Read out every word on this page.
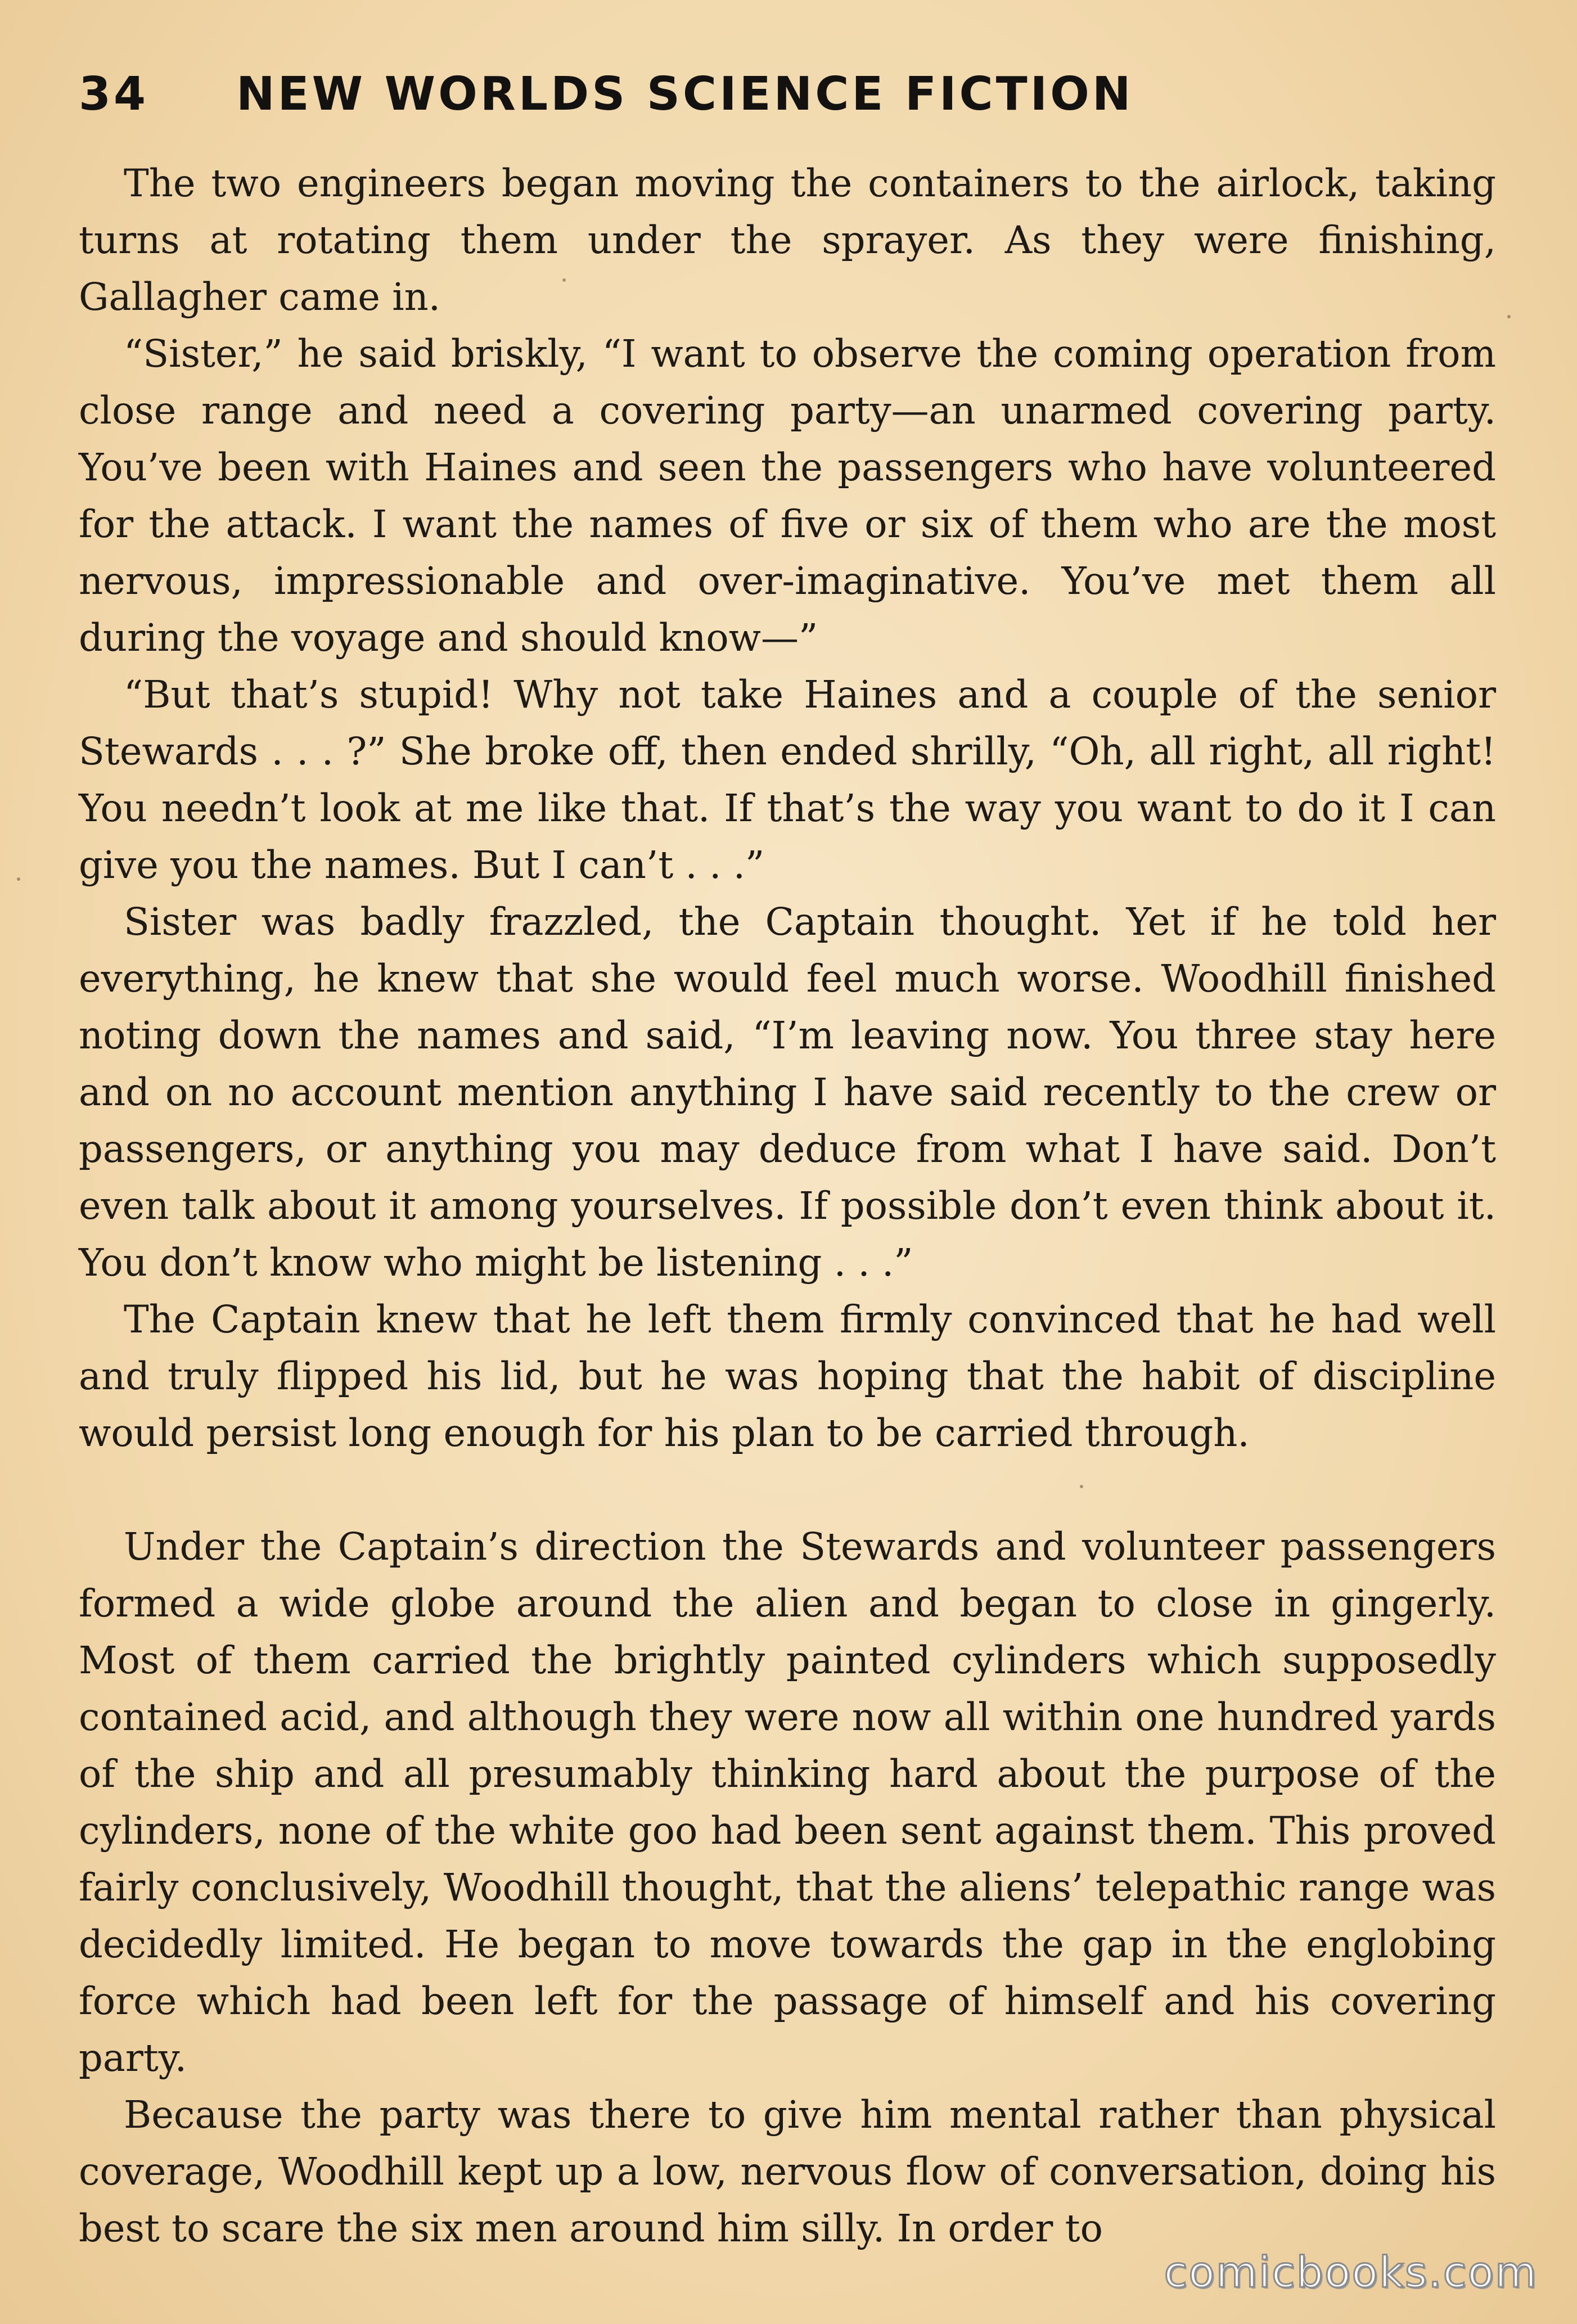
34	NEW WORLDS SCIENCE FICTION

The two engineers began moving the containers to the airlock, taking turns at rotating them under the sprayer. As they were finishing, Gallagher came in.

“Sister,” he said briskly, “I want to observe the coming operation from close range and need a covering party—an unarmed covering party. You’ve been with Haines and seen the passengers who have volunteered for the attack. I want the names of five or six of them who are the most nervous, impressionable and over-imaginative. You’ve met them all during the voyage and should know—”

“But that’s stupid! Why not take Haines and a couple of the senior Stewards . . . ?” She broke off, then ended shrilly, “Oh, all right, all right! You needn’t look at me like that. If that’s the way you want to do it I can give you the names. But I can’t . . .”

Sister was badly frazzled, the Captain thought. Yet if he told her everything, he knew that she would feel much worse. Woodhill finished noting down the names and said, “I’m leaving now. You three stay here and on no account mention anything I have said recently to the crew or passengers, or anything you may deduce from what I have said. Don’t even talk about it among yourselves. If possible don’t even think about it. You don’t know who might be listening . . .”

The Captain knew that he left them firmly convinced that he had well and truly flipped his lid, but he was hoping that the habit of discipline would persist long enough for his plan to be carried through.

Under the Captain’s direction the Stewards and volunteer passengers formed a wide globe around the alien and began to close in gingerly. Most of them carried the brightly painted cylinders which supposedly contained acid, and although they were now all within one hundred yards of the ship and all presumably thinking hard about the purpose of the cylinders, none of the white goo had been sent against them. This proved fairly conclusively, Woodhill thought, that the aliens’ telepathic range was decidedly limited. He began to move towards the gap in the englobing force which had been left for the passage of himself and his covering party.

Because the party was there to give him mental rather than physical coverage, Woodhill kept up a low, nervous flow of conversation, doing his best to scare the six men around him silly. In order to

comicbooks.com
